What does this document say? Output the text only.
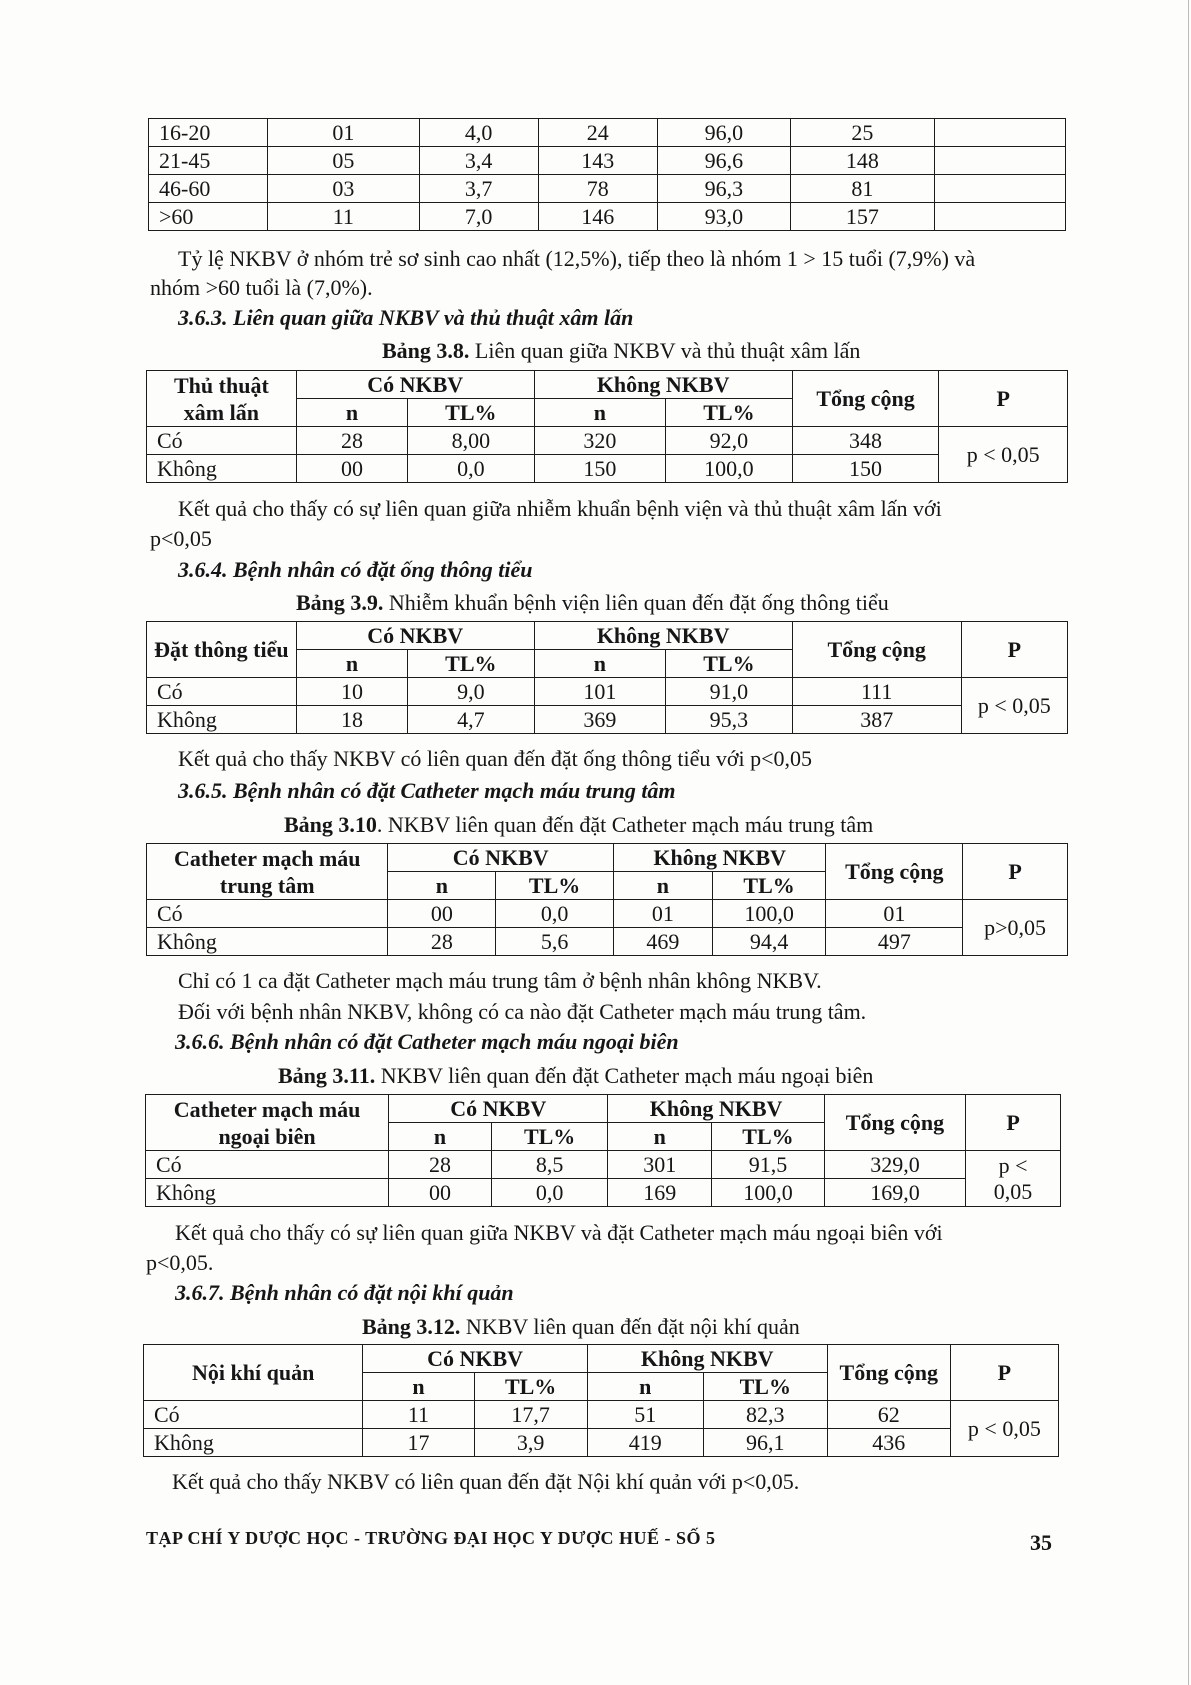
16-20	01	4,0	24	96,0	25	
21-45	05	3,4	143	96,6	148	
46-60	03	3,7	78	96,3	81	
>60	11	7,0	146	93,0	157	
Tỷ lệ NKBV ở nhóm trẻ sơ sinh cao nhất (12,5%), tiếp theo là nhóm 1 > 15 tuổi (7,9%) và
nhóm >60 tuổi là (7,0%).
3.6.3. Liên quan giữa NKBV và thủ thuật xâm lấn
Bảng 3.8. Liên quan giữa NKBV và thủ thuật xâm lấn
Thủ thuật xâm lấn	Có NKBV		Không NKBV		Tổng cộng	P
	n	TL%	n	TL%		
Có	28	8,00	320	92,0	348	p < 0,05
Không	00	0,0	150	100,0	150	
Kết quả cho thấy có sự liên quan giữa nhiễm khuẩn bệnh viện và thủ thuật xâm lấn với
p<0,05
3.6.4. Bệnh nhân có đặt ống thông tiểu
Bảng 3.9. Nhiễm khuẩn bệnh viện liên quan đến đặt ống thông tiểu
Đặt thông tiểu	Có NKBV		Không NKBV		Tổng cộng	P
	n	TL%	n	TL%		
Có	10	9,0	101	91,0	111	p < 0,05
Không	18	4,7	369	95,3	387	
Kết quả cho thấy NKBV có liên quan đến đặt ống thông tiểu với p<0,05
3.6.5. Bệnh nhân có đặt Catheter mạch máu trung tâm
Bảng 3.10. NKBV liên quan đến đặt Catheter mạch máu trung tâm
Catheter mạch máu trung tâm	Có NKBV		Không NKBV		Tổng cộng	P
	n	TL%	n	TL%		
Có	00	0,0	01	100,0	01	p>0,05
Không	28	5,6	469	94,4	497	
Chỉ có 1 ca đặt Catheter mạch máu trung tâm ở bệnh nhân không NKBV.
Đối với bệnh nhân NKBV, không có ca nào đặt Catheter mạch máu trung tâm.
3.6.6. Bệnh nhân có đặt Catheter mạch máu ngoại biên
Bảng 3.11. NKBV liên quan đến đặt Catheter mạch máu ngoại biên
Catheter mạch máu ngoại biên	Có NKBV		Không NKBV		Tổng cộng	P
	n	TL%	n	TL%		
Có	28	8,5	301	91,5	329,0	p <
0,05
Không	00	0,0	169	100,0	169,0	
Kết quả cho thấy có sự liên quan giữa NKBV và đặt Catheter mạch máu ngoại biên với
p<0,05.
3.6.7. Bệnh nhân có đặt nội khí quản
Bảng 3.12. NKBV liên quan đến đặt nội khí quản
Nội khí quản	Có NKBV		Không NKBV		Tổng cộng	P
	n	TL%	n	TL%		
Có	11	17,7	51	82,3	62	p < 0,05
Không	17	3,9	419	96,1	436	
Kết quả cho thấy NKBV có liên quan đến đặt Nội khí quản với p<0,05.
TẠP CHÍ Y DƯỢC HỌC - TRƯỜNG ĐẠI HỌC Y DƯỢC HUẾ - SỐ 5	35
